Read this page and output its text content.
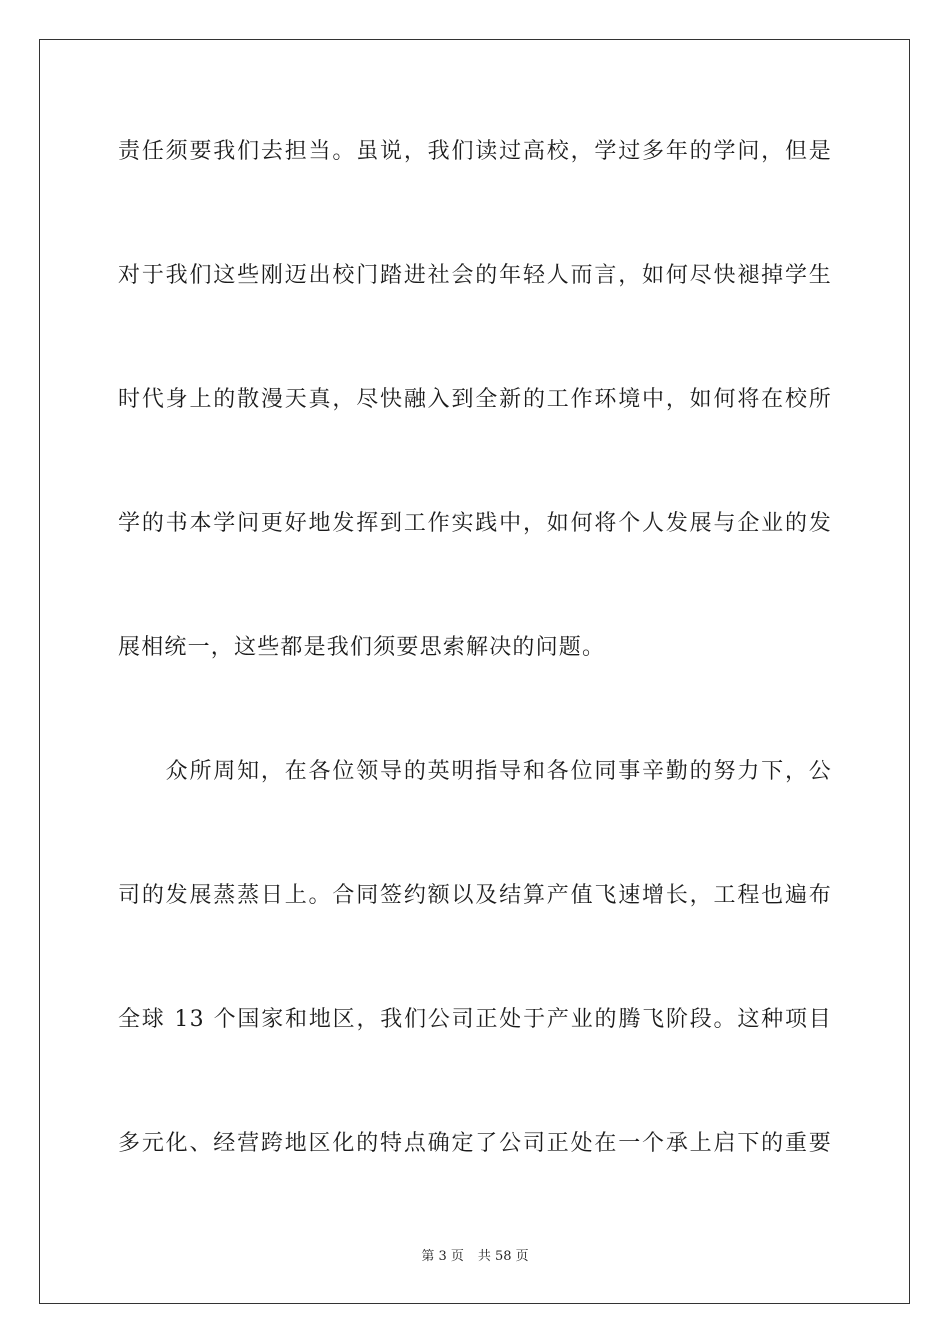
责任须要我们去担当。虽说，我们读过高校，学过多年的学问，但是
对于我们这些刚迈出校门踏进社会的年轻人而言，如何尽快褪掉学生
时代身上的散漫天真，尽快融入到全新的工作环境中，如何将在校所
学的书本学问更好地发挥到工作实践中，如何将个人发展与企业的发
展相统一，这些都是我们须要思索解决的问题。
　　众所周知，在各位领导的英明指导和各位同事辛勤的努力下，公
司的发展蒸蒸日上。合同签约额以及结算产值飞速增长，工程也遍布
全球 13 个国家和地区，我们公司正处于产业的腾飞阶段。这种项目
多元化、经营跨地区化的特点确定了公司正处在一个承上启下的重要
第 3 页 共 58 页
